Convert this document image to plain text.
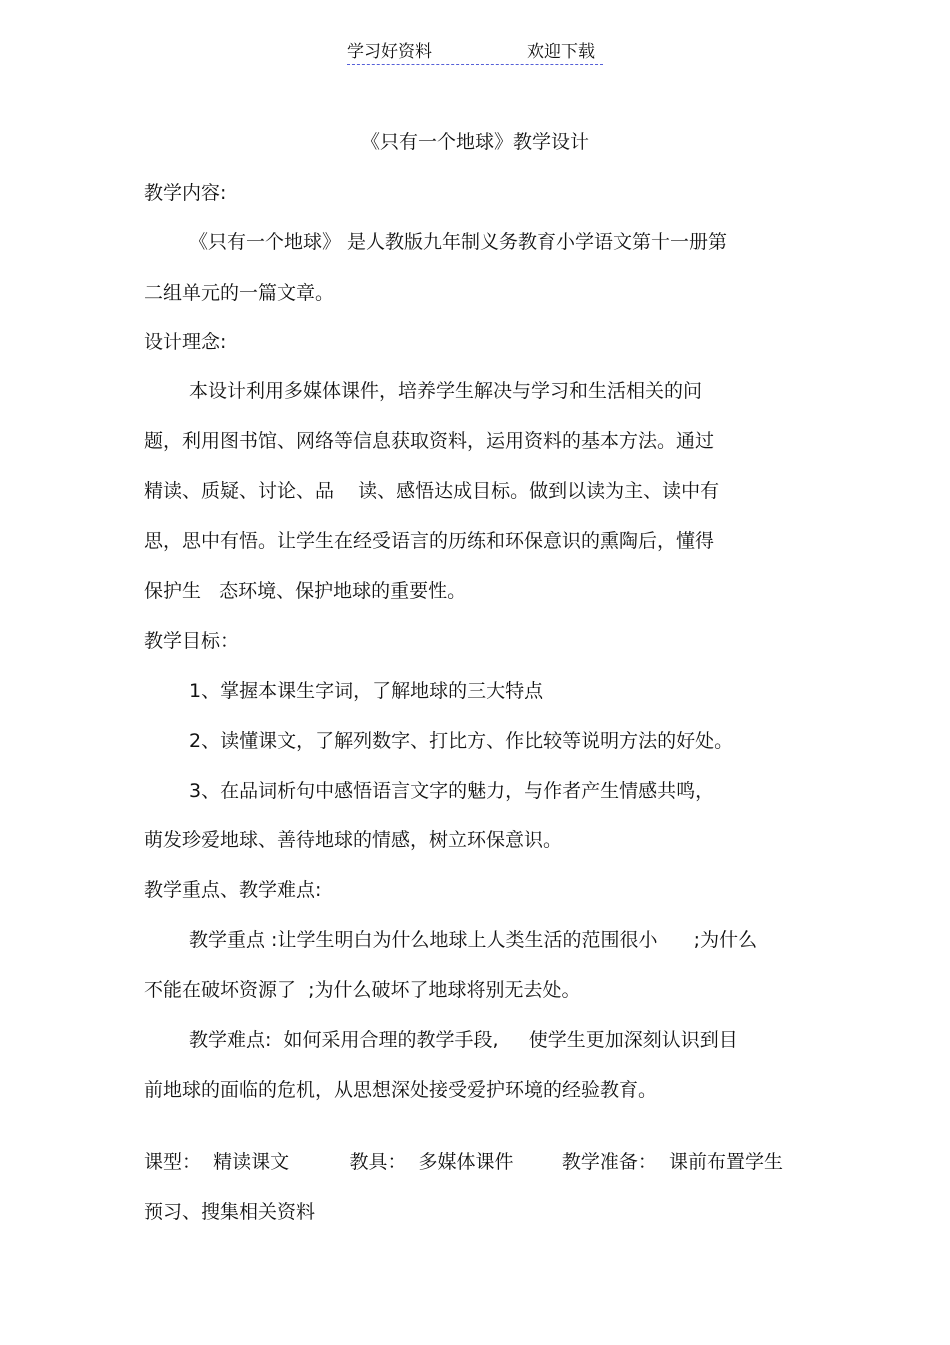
学习好资料	欢迎下载
《只有一个地球》教学设计
教学内容:
《只有一个地球》 是人教版九年制义务教育小学语文第十一册第
二组单元的一篇文章。
设计理念:
本设计利用多媒体课件，培养学生解决与学习和生活相关的问
题，利用图书馆、网络等信息获取资料，运用资料的基本方法。通过
精读、质疑、讨论、品    读、感悟达成目标。做到以读为主、读中有
思，思中有悟。让学生在经受语言的历练和环保意识的熏陶后，懂得
保护生   态环境、保护地球的重要性。
教学目标：
1、掌握本课生字词，了解地球的三大特点
2、读懂课文，了解列数字、打比方、作比较等说明方法的好处。
3、在品词析句中感悟语言文字的魅力，与作者产生情感共鸣，
萌发珍爱地球、善待地球的情感，树立环保意识。
教学重点、教学难点:
教学重点 :让学生明白为什么地球上人类生活的范围很小      ;为什么
不能在破坏资源了  ;为什么破坏了地球将别无去处。
教学难点:  如何采用合理的教学手段,     使学生更加深刻认识到目
前地球的面临的危机，从思想深处接受爱护环境的经验教育。
课型：  精读课文          教具：  多媒体课件        教学准备：  课前布置学生
预习、搜集相关资料
